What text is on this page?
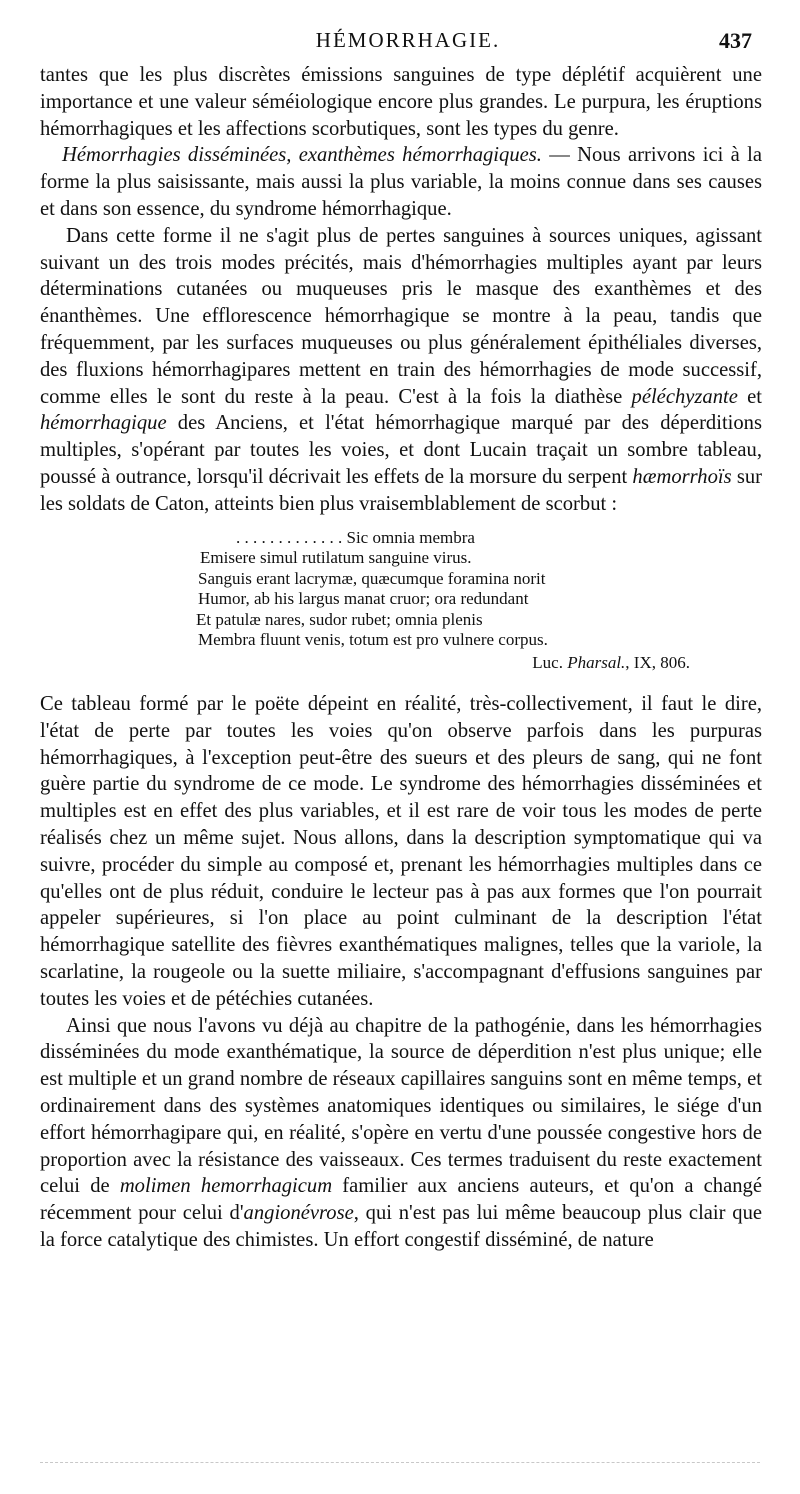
HÉMORRHAGIE.	437

tantes que les plus discrètes émissions sanguines de type déplétif acquièrent une importance et une valeur séméiologique encore plus grandes. Le purpura, les éruptions hémorrhagiques et les affections scorbutiques, sont les types du genre.

Hémorrhagies disséminées, exanthèmes hémorrhagiques. — Nous arrivons ici à la forme la plus saisissante, mais aussi la plus variable, la moins connue dans ses causes et dans son essence, du syndrome hémorrhagique.

Dans cette forme il ne s'agit plus de pertes sanguines à sources uniques, agissant suivant un des trois modes précités, mais d'hémorrhagies multiples ayant par leurs déterminations cutanées ou muqueuses pris le masque des exanthèmes et des énanthèmes. Une efflorescence hémorrhagique se montre à la peau, tandis que fréquemment, par les surfaces muqueuses ou plus généralement épithéliales diverses, des fluxions hémorrhagipares mettent en train des hémorrhagies de mode successif, comme elles le sont du reste à la peau. C'est à la fois la diathèse péléchyzante et hémorrhagique des Anciens, et l'état hémorrhagique marqué par des déperditions multiples, s'opérant par toutes les voies, et dont Lucain traçait un sombre tableau, poussé à outrance, lorsqu'il décrivait les effets de la morsure du serpent hæmorrhoïs sur les soldats de Caton, atteints bien plus vraisemblablement de scorbut :

. . . . . . . . . . . . . Sic omnia membra
Emisere simul rutilatum sanguine virus.
Sanguis erant lacrymæ, quæcumque foramina norit
Humor, ab his largus manat cruor; ora redundant
Et patulæ nares, sudor rubet; omnia plenis
Membra fluunt venis, totum est pro vulnere corpus.
Luc. Pharsal., IX, 806.

Ce tableau formé par le poëte dépeint en réalité, très-collectivement, il faut le dire, l'état de perte par toutes les voies qu'on observe parfois dans les purpuras hémorrhagiques, à l'exception peut-être des sueurs et des pleurs de sang, qui ne font guère partie du syndrome de ce mode. Le syndrome des hémorrhagies disséminées et multiples est en effet des plus variables, et il est rare de voir tous les modes de perte réalisés chez un même sujet. Nous allons, dans la description symptomatique qui va suivre, procéder du simple au composé et, prenant les hémorrhagies multiples dans ce qu'elles ont de plus réduit, conduire le lecteur pas à pas aux formes que l'on pourrait appeler supérieures, si l'on place au point culminant de la description l'état hémorrhagique satellite des fièvres exanthématiques malignes, telles que la variole, la scarlatine, la rougeole ou la suette miliaire, s'accompagnant d'effusions sanguines par toutes les voies et de pétéchies cutanées.

Ainsi que nous l'avons vu déjà au chapitre de la pathogénie, dans les hémorrhagies disséminées du mode exanthématique, la source de déperdition n'est plus unique; elle est multiple et un grand nombre de réseaux capillaires sanguins sont en même temps, et ordinairement dans des systèmes anatomiques identiques ou similaires, le siége d'un effort hémorrhagipare qui, en réalité, s'opère en vertu d'une poussée congestive hors de proportion avec la résistance des vaisseaux. Ces termes traduisent du reste exactement celui de molimen hemorrhagicum familier aux anciens auteurs, et qu'on a changé récemment pour celui d'angionévrose, qui n'est pas lui même beaucoup plus clair que la force catalytique des chimistes. Un effort congestif disséminé, de nature
